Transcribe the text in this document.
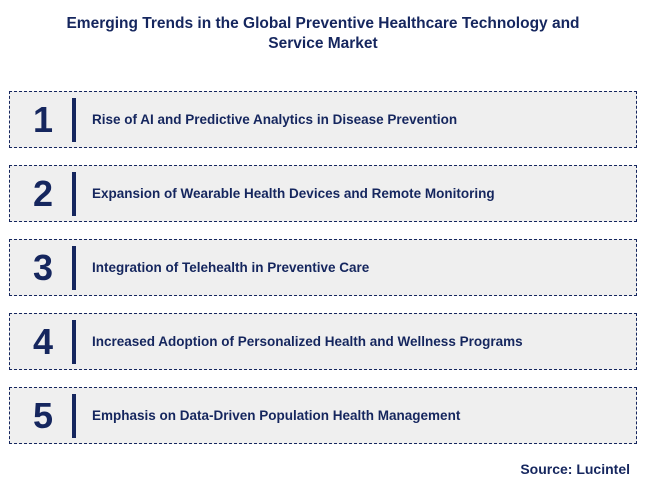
Emerging Trends in the Global Preventive Healthcare Technology and Service Market
1	Rise of AI and Predictive Analytics in Disease Prevention
2	Expansion of Wearable Health Devices and Remote Monitoring
3	Integration of Telehealth in Preventive Care
4	Increased Adoption of Personalized Health and Wellness Programs
5	Emphasis on Data-Driven Population Health Management
Source: Lucintel
